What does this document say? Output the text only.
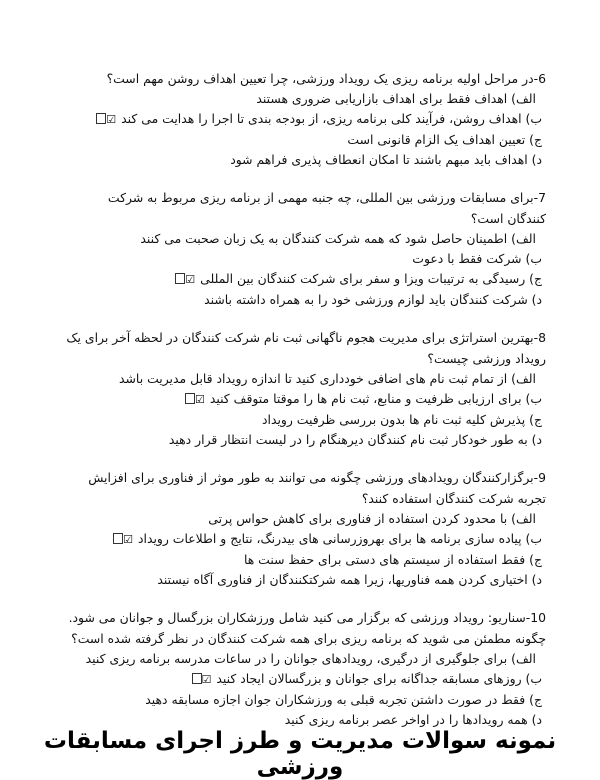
6-در مراحل اولیه برنامه ریزی یک رویداد ورزشی، چرا تعیین اهداف روشن مهم است؟
الف) اهداف فقط برای اهداف بازاریابی ضروری هستند
ب) اهداف روشن، فرآیند کلی برنامه ریزی، از بودجه بندی تا اجرا را هدایت می کند☑
ج) تعیین اهداف یک الزام قانونی است
د) اهداف باید مبهم باشند تا امکان انعطاف پذیری فراهم شود
7-برای مسابقات ورزشی بین المللی، چه جنبه مهمی از برنامه ریزی مربوط به شرکت کنندگان است؟
الف) اطمینان حاصل شود که همه شرکت کنندگان به یک زبان صحبت می کنند
ب) شرکت فقط با دعوت
ج) رسیدگی به ترتیبات ویزا و سفر برای شرکت کنندگان بین المللی☑
د) شرکت کنندگان باید لوازم ورزشی خود را به همراه داشته باشند
8-بهترین استراتژی برای مدیریت هجوم ناگهانی ثبت نام شرکت کنندگان در لحظه آخر برای یک رویداد ورزشی چیست؟
الف) از تمام ثبت نام های اضافی خودداری کنید تا اندازه رویداد قابل مدیریت باشد
ب) برای ارزیابی ظرفیت و منابع، ثبت نام ها را موقتا متوقف کنید☑
ج) پذیرش کلیه ثبت نام ها بدون بررسی ظرفیت رویداد
د) به طور خودکار ثبت نام کنندگان دیرهنگام را در لیست انتظار قرار دهید
9-برگزارکنندگان رویدادهای ورزشی چگونه می توانند به طور موثر از فناوری برای افزایش تجربه شرکت کنندگان استفاده کنند؟
الف) با محدود کردن استفاده از فناوری برای کاهش حواس پرتی
ب) پیاده سازی برنامه ها برای بهروزرسانی های بیدرنگ، نتایج و اطلاعات رویداد☑
ج) فقط استفاده از سیستم های دستی برای حفظ سنت ها
د) اختیاری کردن همه فناوریها، زیرا همه شرکتکنندگان از فناوری آگاه نیستند
10-سناریو: رویداد ورزشی که برگزار می کنید شامل ورزشکاران بزرگسال و جوانان می شود. چگونه مطمئن می شوید که برنامه ریزی برای همه شرکت کنندگان در نظر گرفته شده است؟
الف) برای جلوگیری از درگیری، رویدادهای جوانان را در ساعات مدرسه برنامه ریزی کنید
ب) روزهای مسابقه جداگانه برای جوانان و بزرگسالان ایجاد کنید☑
ج) فقط در صورت داشتن تجربه قبلی به ورزشکاران جوان اجازه مسابقه دهید
د) همه رویدادها را در اواخر عصر برنامه ریزی کنید
نمونه سوالات مدیریت و طرز اجرای مسابقات ورزشی
